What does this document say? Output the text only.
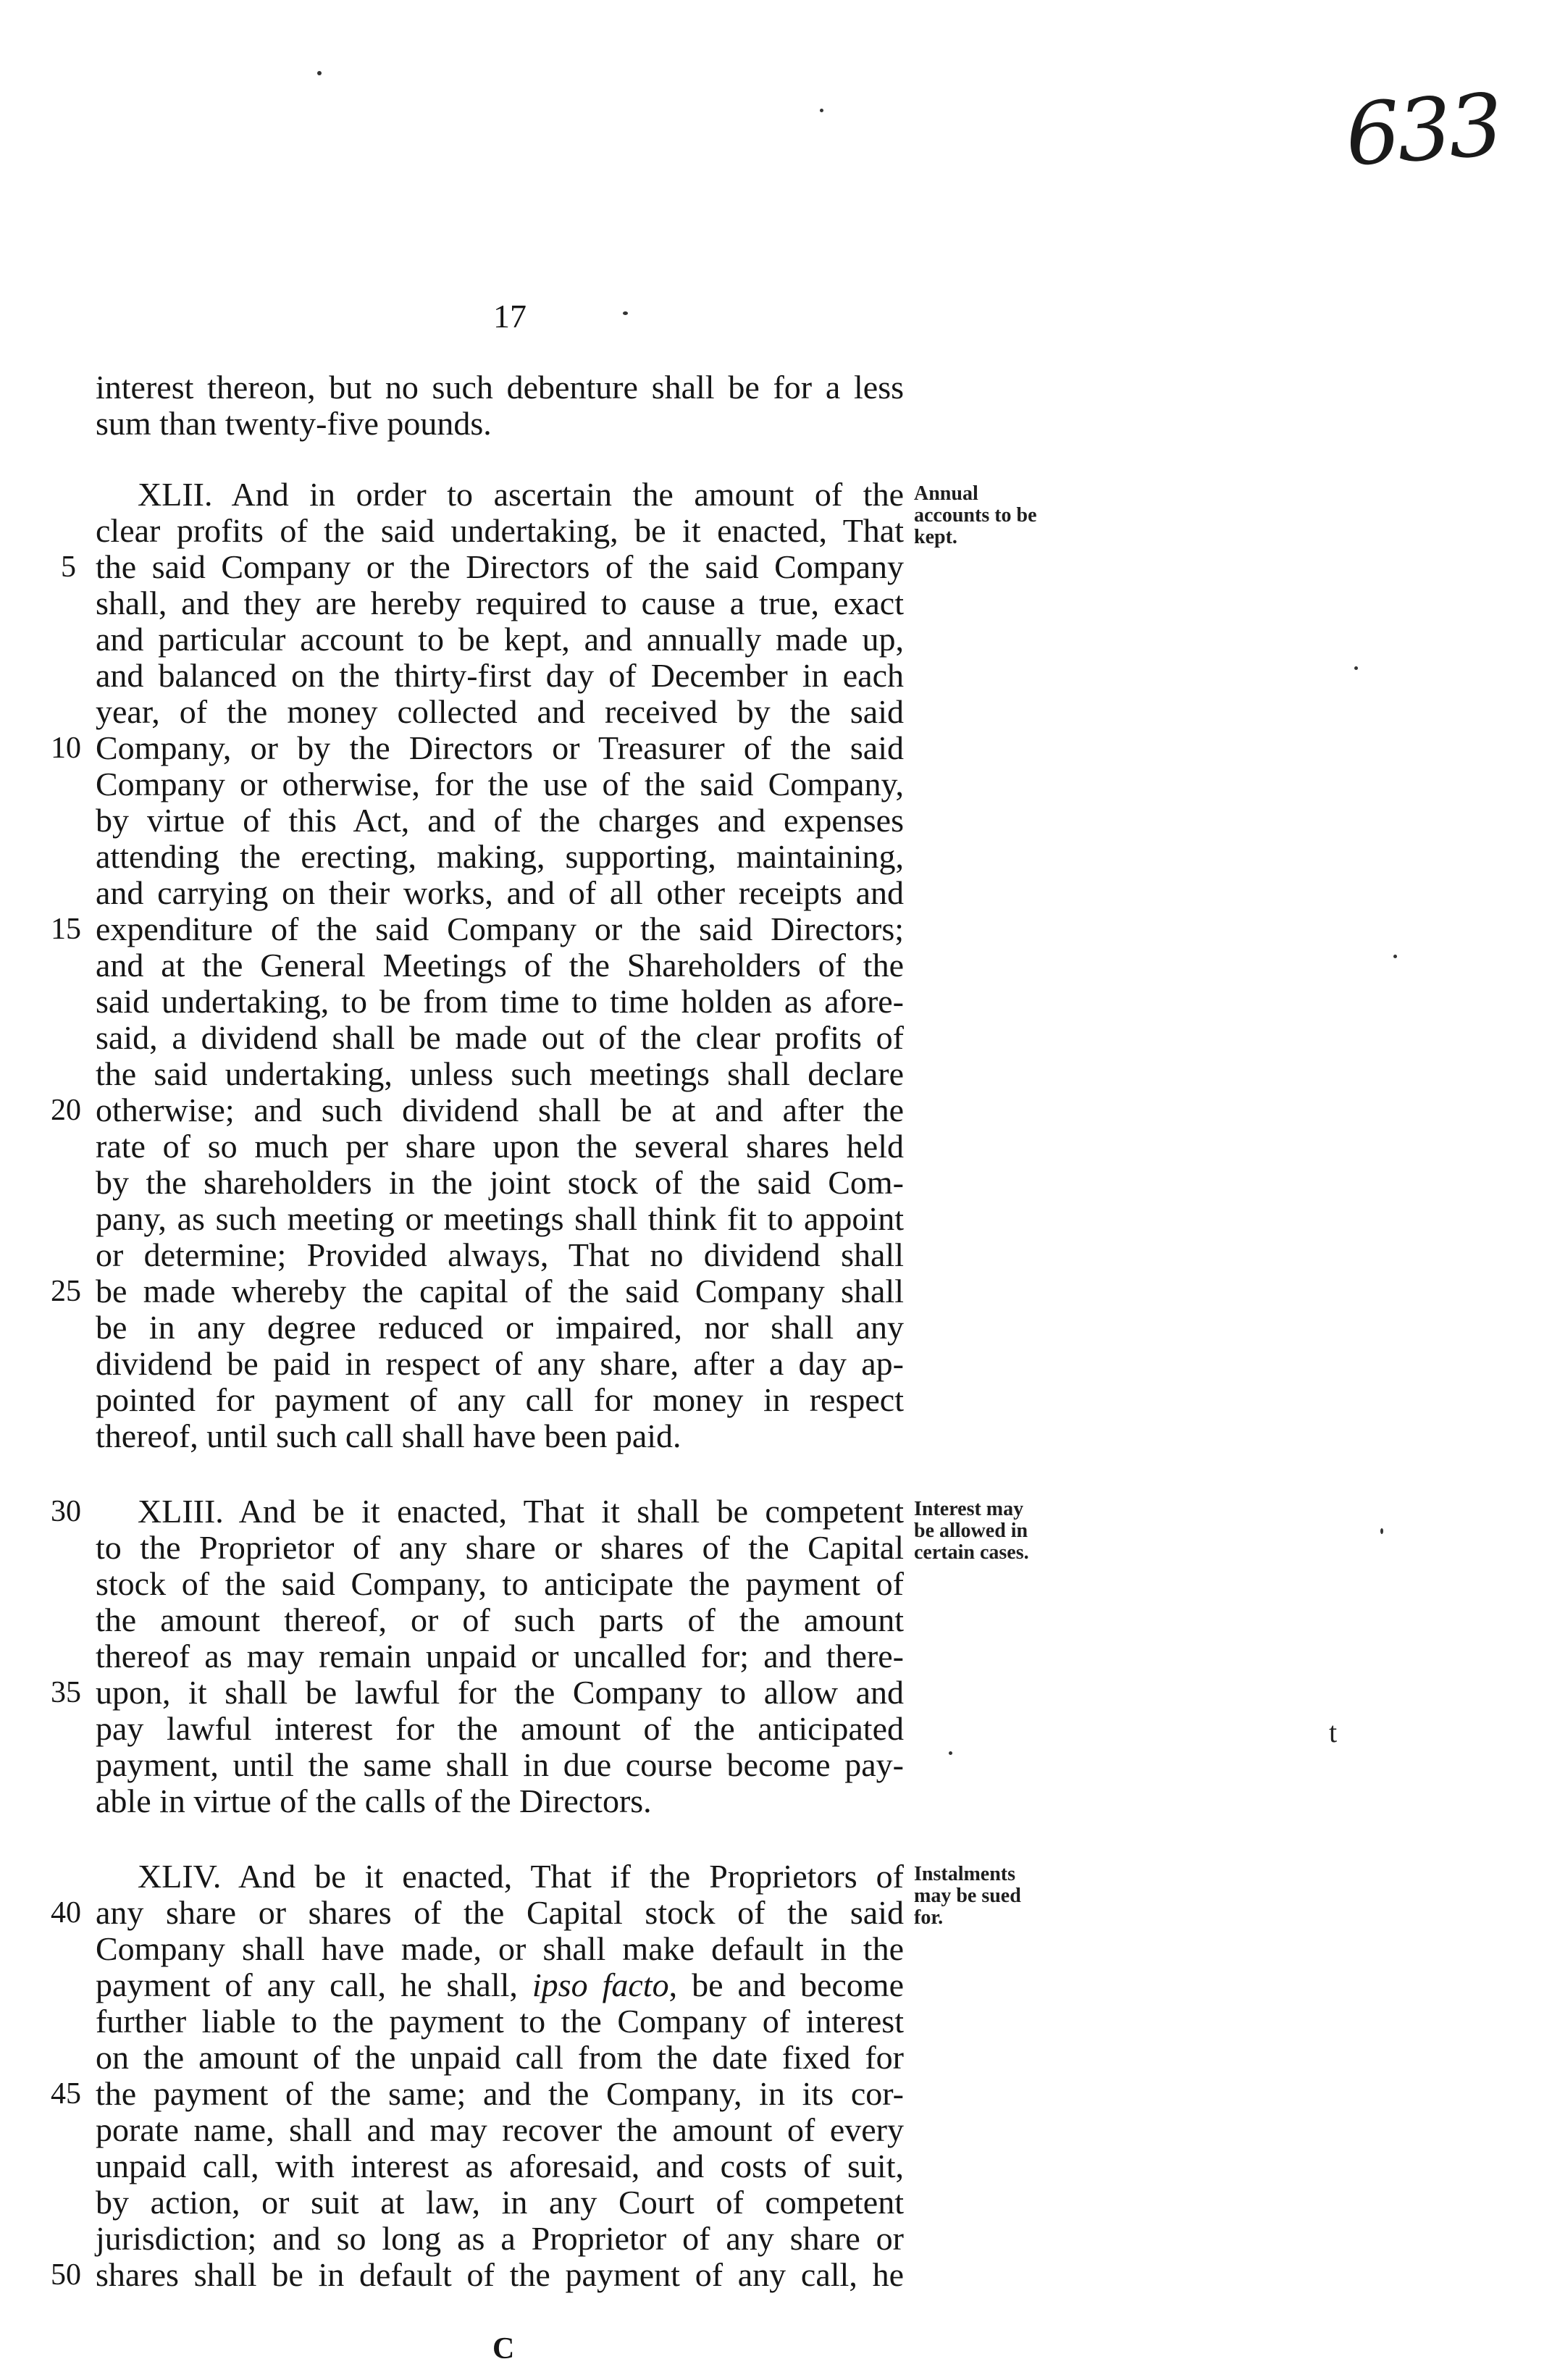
633
17
interest thereon, but no such debenture shall be for a less
sum than twenty-five pounds.
XLII. And in order to ascertain the amount of the
clear profits of the said undertaking, be it enacted, That
the said Company or the Directors of the said Company
shall, and they are hereby required to cause a true, exact
and particular account to be kept, and annually made up,
and balanced on the thirty-first day of December in each
year, of the money collected and received by the said
Company, or by the Directors or Treasurer of the said
Company or otherwise, for the use of the said Company,
by virtue of this Act, and of the charges and expenses
attending the erecting, making, supporting, maintaining,
and carrying on their works, and of all other receipts and
expenditure of the said Company or the said Directors;
and at the General Meetings of the Shareholders of the
said undertaking, to be from time to time holden as afore-
said, a dividend shall be made out of the clear profits of
the said undertaking, unless such meetings shall declare
otherwise; and such dividend shall be at and after the
rate of so much per share upon the several shares held
by the shareholders in the joint stock of the said Com-
pany, as such meeting or meetings shall think fit to appoint
or determine; Provided always, That no dividend shall
be made whereby the capital of the said Company shall
be in any degree reduced or impaired, nor shall any
dividend be paid in respect of any share, after a day ap-
pointed for payment of any call for money in respect
thereof, until such call shall have been paid.
XLIII. And be it enacted, That it shall be competent
to the Proprietor of any share or shares of the Capital
stock of the said Company, to anticipate the payment of
the amount thereof, or of such parts of the amount
thereof as may remain unpaid or uncalled for; and there-
upon, it shall be lawful for the Company to allow and
pay lawful interest for the amount of the anticipated
payment, until the same shall in due course become pay-
able in virtue of the calls of the Directors.
XLIV. And be it enacted, That if the Proprietors of
any share or shares of the Capital stock of the said
Company shall have made, or shall make default in the
payment of any call, he shall, ipso facto, be and become
further liable to the payment to the Company of interest
on the amount of the unpaid call from the date fixed for
the payment of the same; and the Company, in its cor-
porate name, shall and may recover the amount of every
unpaid call, with interest as aforesaid, and costs of suit,
by action, or suit at law, in any Court of competent
jurisdiction; and so long as a Proprietor of any share or
shares shall be in default of the payment of any call, he
5
10
15
20
25
30
35
40
45
50
Annual
accounts to be
kept.
Interest may
be allowed in
certain cases.
Instalments
may be sued
for.
C
t
